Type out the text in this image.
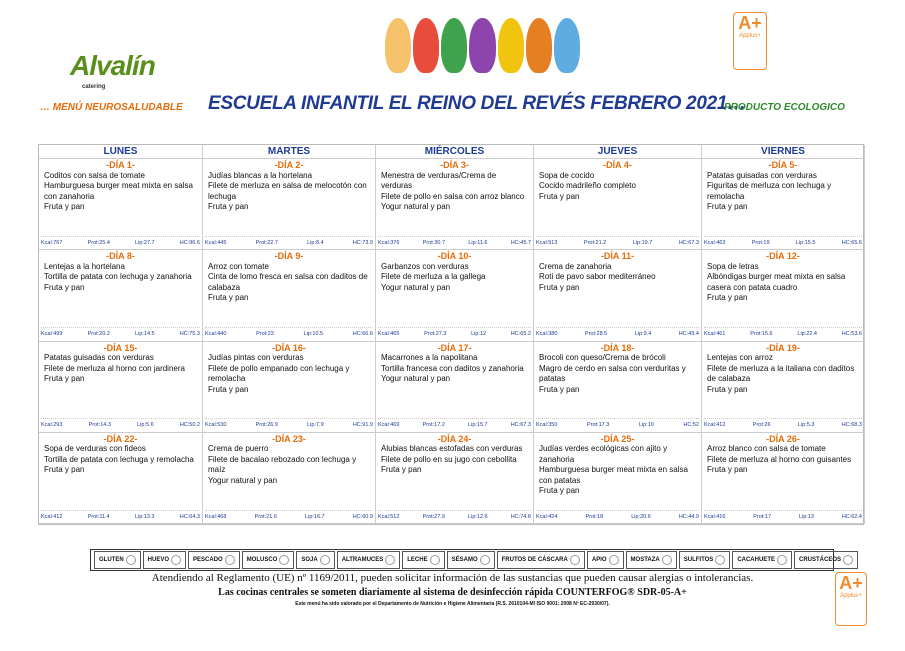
Alvalín
catering
A+
Applus+
… MENÚ NEUROSALUDABLE ESCUELA INFANTIL EL REINO DEL REVÉS FEBRERO 2021…
PRODUCTO ECOLOGICO
LUNES	MARTES	MIÉRCOLES	JUEVES	VIERNES
-DÍA 1-
Coditos con salsa de tomate
Hamburguesa burger meat mixta en salsa con zanahoria
Fruta y pan
Kcal:767	Prot:25.4	Lip:27.7	HC:96.6
-DÍA 2-
Judías blancas a la hortelana
Filete de merluza en salsa de melocotón con lechuga
Fruta y pan
Kcal:445	Prot:22.7	Lip:8.4	HC:73.9
-DÍA 3-
Menestra de verduras/Crema de verduras
Filete de pollo en salsa con arroz blanco
Yogur natural y pan
Kcal:376	Prot:30.7	Lip:11.6	HC:45.7
-DÍA 4-
Sopa de cocido
Cocido madrileño completo
Fruta y pan
Kcal:513	Prot:21.2	Lip:19.7	HC:67.3
-DÍA 5-
Patatas guisadas con verduras
Figuritas de merluza con lechuga y remolacha
Fruta y pan
Kcal:463	Prot:19	Lip:15.5	HC:65.6
-DÍA 8-
Lentejas a la hortelana
Tortilla de patata con lechuga y zanahoria
Fruta y pan
Kcal:499	Prot:20.2	Lip:14.5	HC:75.3
-DÍA 9-
Arroz con tomate
Cinta de lomo fresca en salsa con daditos de calabaza
Fruta y pan
Kcal:440	Prot:23	Lip:10.5	HC:66.6
-DÍA 10-
Garbanzos con verduras
Filete de merluza a la gallega
Yogur natural y pan
Kcal:465	Prot:27.3	Lip:12	HC:65.2
-DÍA 11-
Crema de zanahoria
Roti de pavo sabor mediterráneo
Fruta y pan
Kcal:380	Prot:28.5	Lip:9.4	HC:49.4
-DÍA 12-
Sopa de letras
Albóndigas burger meat mixta en salsa casera con patata cuadro
Fruta y pan
Kcal:461	Prot:15.6	Lip:22.4	HC:53.6
-DÍA 15-
Patatas guisadas con verduras
Filete de merluza al horno con jardinera
Fruta y pan
Kcal:293	Prot:14.3	Lip:5.6	HC:50.2
-DÍA 16-
Judías pintas con verduras
Filete de pollo empanado con lechuga y remolacha
Fruta y pan
Kcal:530	Prot:26.9	Lip:7.9	HC:91.9
-DÍA 17-
Macarrones a la napolitana
Tortilla francesa con daditos y zanahoria
Yogur natural y pan
Kcal:469	Prot:17.2	Lip:15.7	HC:67.3
-DÍA 18-
Brocoli con queso/Crema de brócoli
Magro de cerdo en salsa con verduritas y patatas
Fruta y pan
Kcal:350	Prot:17.3	Lip:10	HC:52
-DÍA 19-
Lentejas con arroz
Filete de merluza a la italiana con daditos de calabaza
Fruta y pan
Kcal:412	Prot:26	Lip:5.3	HC:68.3
-DÍA 22-
Sopa de verduras con fideos
Tortilla de patata con lechuga y remolacha
Fruta y pan
Kcal:412	Prot:11.4	Lip:13.3	HC:64.3
-DÍA 23-
Crema de puerro
Filete de bacalao rebozado con lechuga y maíz
Yogur natural y pan
Kcal:468	Prot:21.6	Lip:16.7	HC:60.9
-DÍA 24-
Alubias blancas estofadas con verduras
Filete de pollo en su jugo con cebollita
Fruta y pan
Kcal:512	Prot:27.9	Lip:12.6	HC:74.8
-DÍA 25-
Judías verdes ecológicas con ajito y zanahoria
Hamburguesa burger meat mixta en salsa con patatas
Fruta y pan
Kcal:424	Prot:18	Lip:20.6	HC:44.9
-DÍA 26-
Arroz blanco con salsa de tomate
Filete de merluza al horno con guisantes
Fruta y pan
Kcal:416	Prot:17	Lip:13	HC:62.4
GLUTEN	HUEVO	PESCADO	MOLUSCO	SOJA	ALTRAMUCES	LECHE	SÉSAMO	FRUTOS DE CÁSCARA	APIO	MOSTAZA	SULFITOS	CACAHUETE	CRUSTÁCEOS
Atendiendo al Reglamento (UE) nº 1169/2011, pueden solicitar información de las sustancias que pueden causar alergias o intolerancias.
Las cocinas centrales se someten diariamente al sistema de desinfección rápida COUNTERFOG® SDR-05-A+
Este menú ha sido valorado por el Departamento de Nutrición e Higiene Alimentaria (R.S. 2610104-M/ ISO 9001: 2008 Nº EC-2930/07).
A+
Applus+
